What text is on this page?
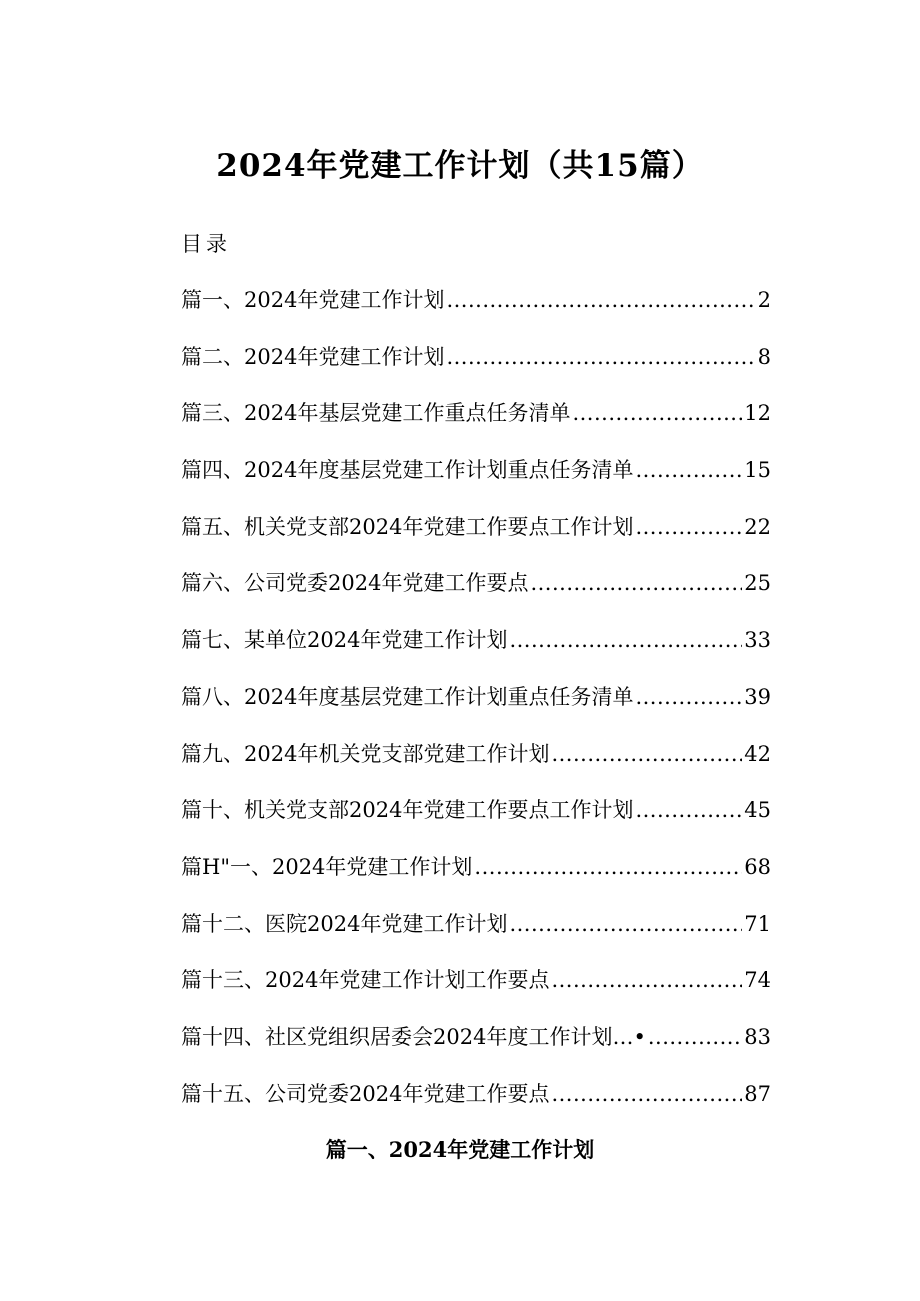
2024年党建工作计划（共15篇）
目录
篇一、2024年党建工作计划 .....	2
篇二、2024年党建工作计划 .....	8
篇三、2024年基层党建工作重点任务清单 .....	12
篇四、2024年度基层党建工作计划重点任务清单 .....	15
篇五、机关党支部2024年党建工作要点工作计划 .....	22
篇六、公司党委2024年党建工作要点 .....	25
篇七、某单位2024年党建工作计划 .....	33
篇八、2024年度基层党建工作计划重点任务清单 .....	39
篇九、2024年机关党支部党建工作计划 .....	42
篇十、机关党支部2024年党建工作要点工作计划 .....	45
篇H"一、2024年党建工作计划 .....	68
篇十二、医院2024年党建工作计划 .....	71
篇十三、2024年党建工作计划工作要点 .....	74
篇十四、社区党组织居委会2024年度工作计划…• .....	83
篇十五、公司党委2024年党建工作要点 .....	87
篇一、2024年党建工作计划
